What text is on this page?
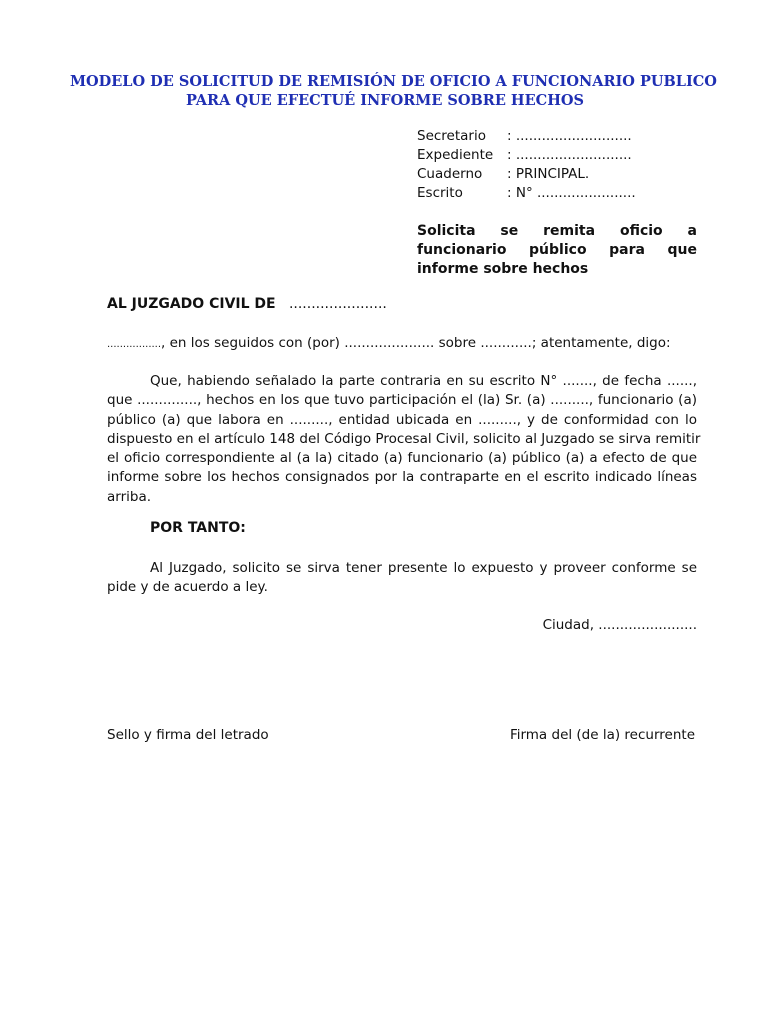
MODELO DE SOLICITUD DE REMISIÓN DE OFICIO A FUNCIONARIO PUBLICO
PARA QUE EFECTUÉ INFORME SOBRE HECHOS
Secretario	: ...........................
Expediente	: ...........................
Cuaderno	: PRINCIPAL.
Escrito	: N° .......................
Solicita se remita oficio a
funcionario público para que
informe sobre hechos
AL JUZGADO CIVIL DE ......................
................., en los seguidos con (por) ..................... sobre ............; atentamente, digo:
Que, habiendo señalado la parte contraria en su escrito N° ......., de fecha ......,
que .............., hechos en los que tuvo participación el (la) Sr. (a) ........., funcionario (a)
público (a) que labora en ........., entidad ubicada en ........., y de conformidad con lo
dispuesto en el artículo 148 del Código Procesal Civil, solicito al Juzgado se sirva remitir
el oficio correspondiente al (a la) citado (a) funcionario (a) público (a) a efecto de que
informe sobre los hechos consignados por la contraparte en el escrito indicado líneas
arriba.
POR TANTO:
Al Juzgado, solicito se sirva tener presente lo expuesto y proveer conforme se
pide y de acuerdo a ley.
Ciudad, .......................
Sello y firma del letrado	Firma del (de la) recurrente
